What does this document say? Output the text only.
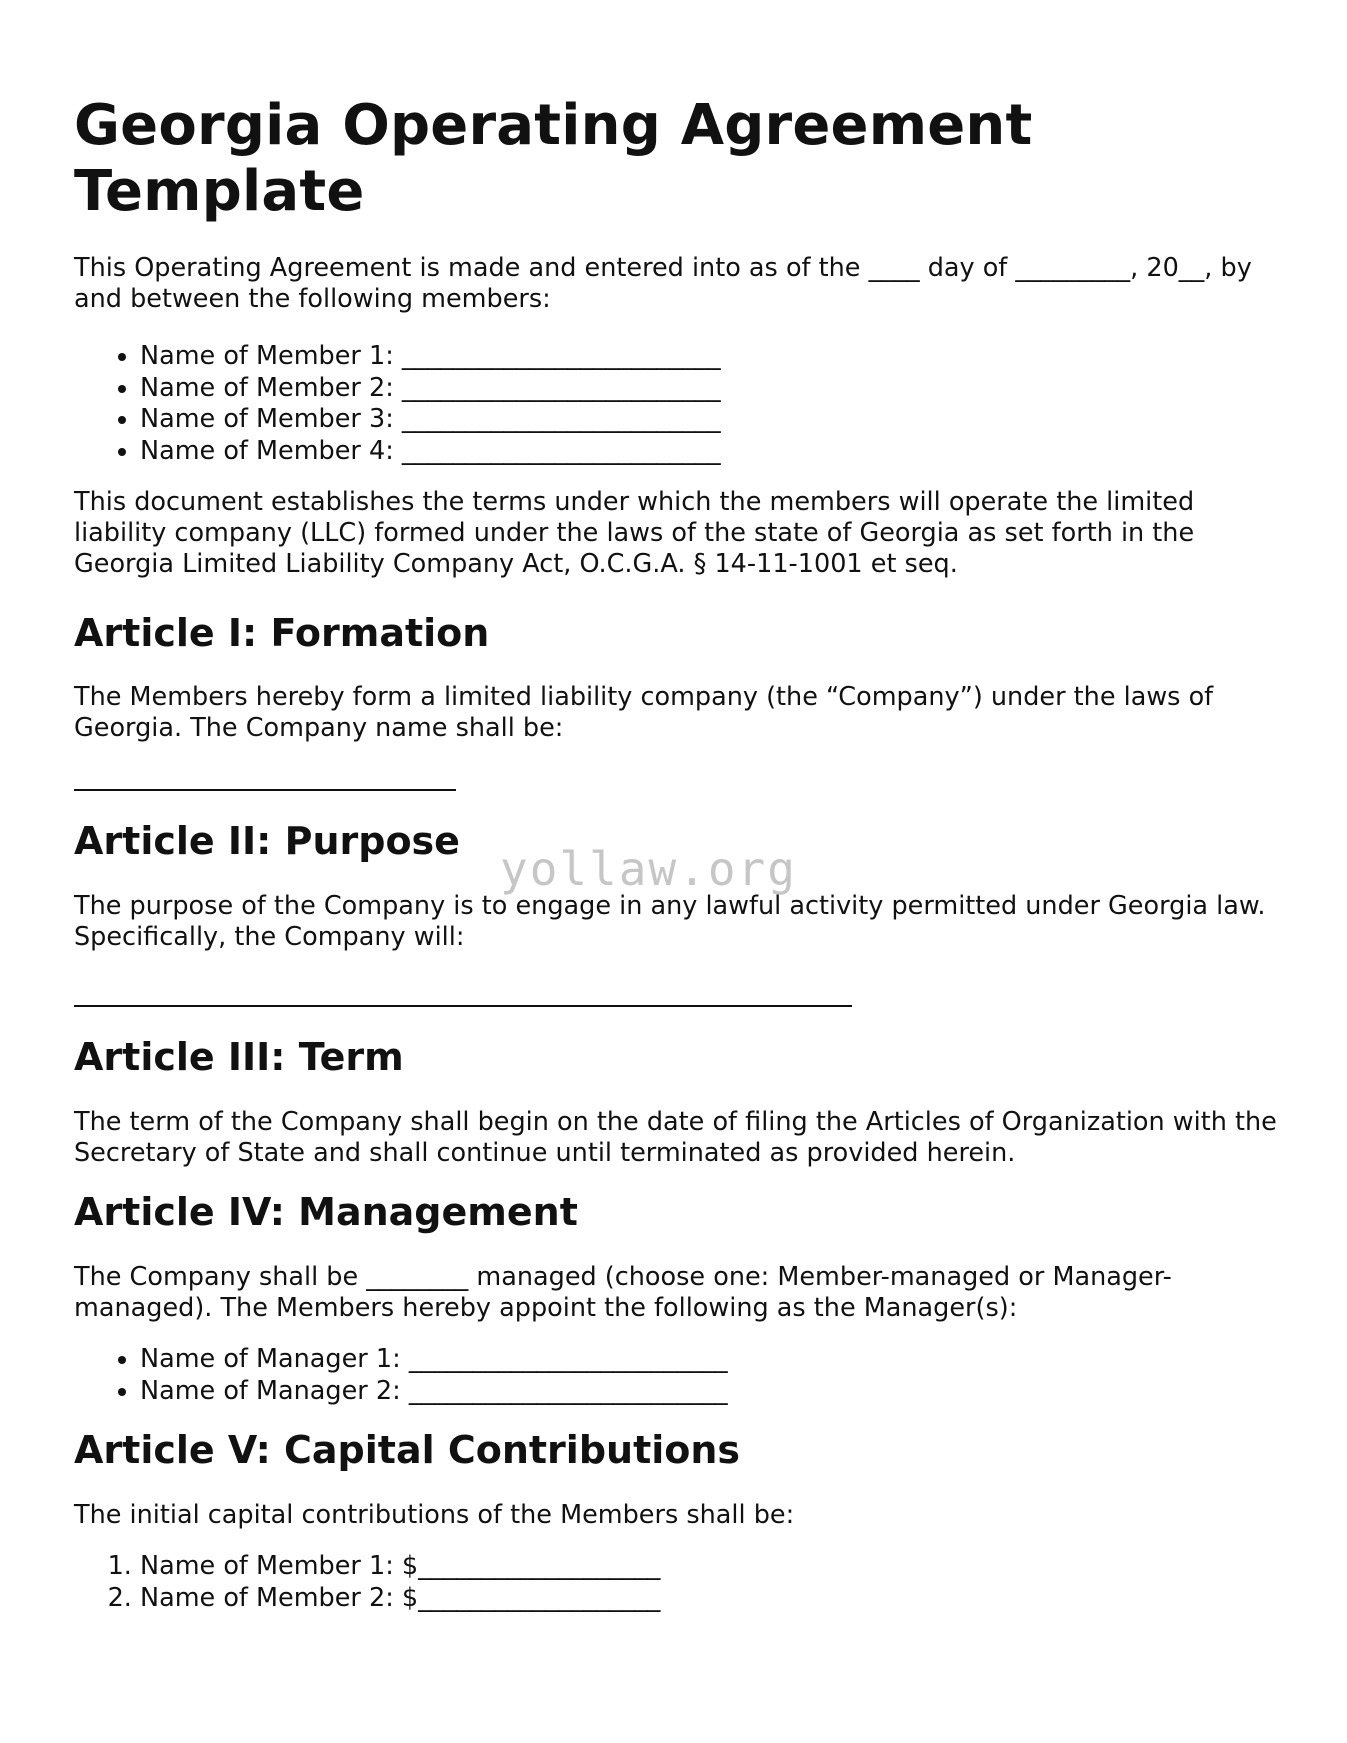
Georgia Operating Agreement Template

This Operating Agreement is made and entered into as of the ____ day of _________, 20__, by and between the following members:

• Name of Member 1: _________________________
• Name of Member 2: _________________________
• Name of Member 3: _________________________
• Name of Member 4: _________________________

This document establishes the terms under which the members will operate the limited liability company (LLC) formed under the laws of the state of Georgia as set forth in the Georgia Limited Liability Company Act, O.C.G.A. § 14-11-1001 et seq.

Article I: Formation

The Members hereby form a limited liability company (the “Company”) under the laws of Georgia. The Company name shall be:

Article II: Purpose

The purpose of the Company is to engage in any lawful activity permitted under Georgia law. Specifically, the Company will:

Article III: Term

The term of the Company shall begin on the date of filing the Articles of Organization with the Secretary of State and shall continue until terminated as provided herein.

Article IV: Management

The Company shall be ________ managed (choose one: Member-managed or Manager-managed). The Members hereby appoint the following as the Manager(s):

• Name of Manager 1: _________________________
• Name of Manager 2: _________________________
Article V: Capital Contributions

The initial capital contributions of the Members shall be:

1. Name of Member 1: $___________________
2. Name of Member 2: $___________________
yollaw.org
